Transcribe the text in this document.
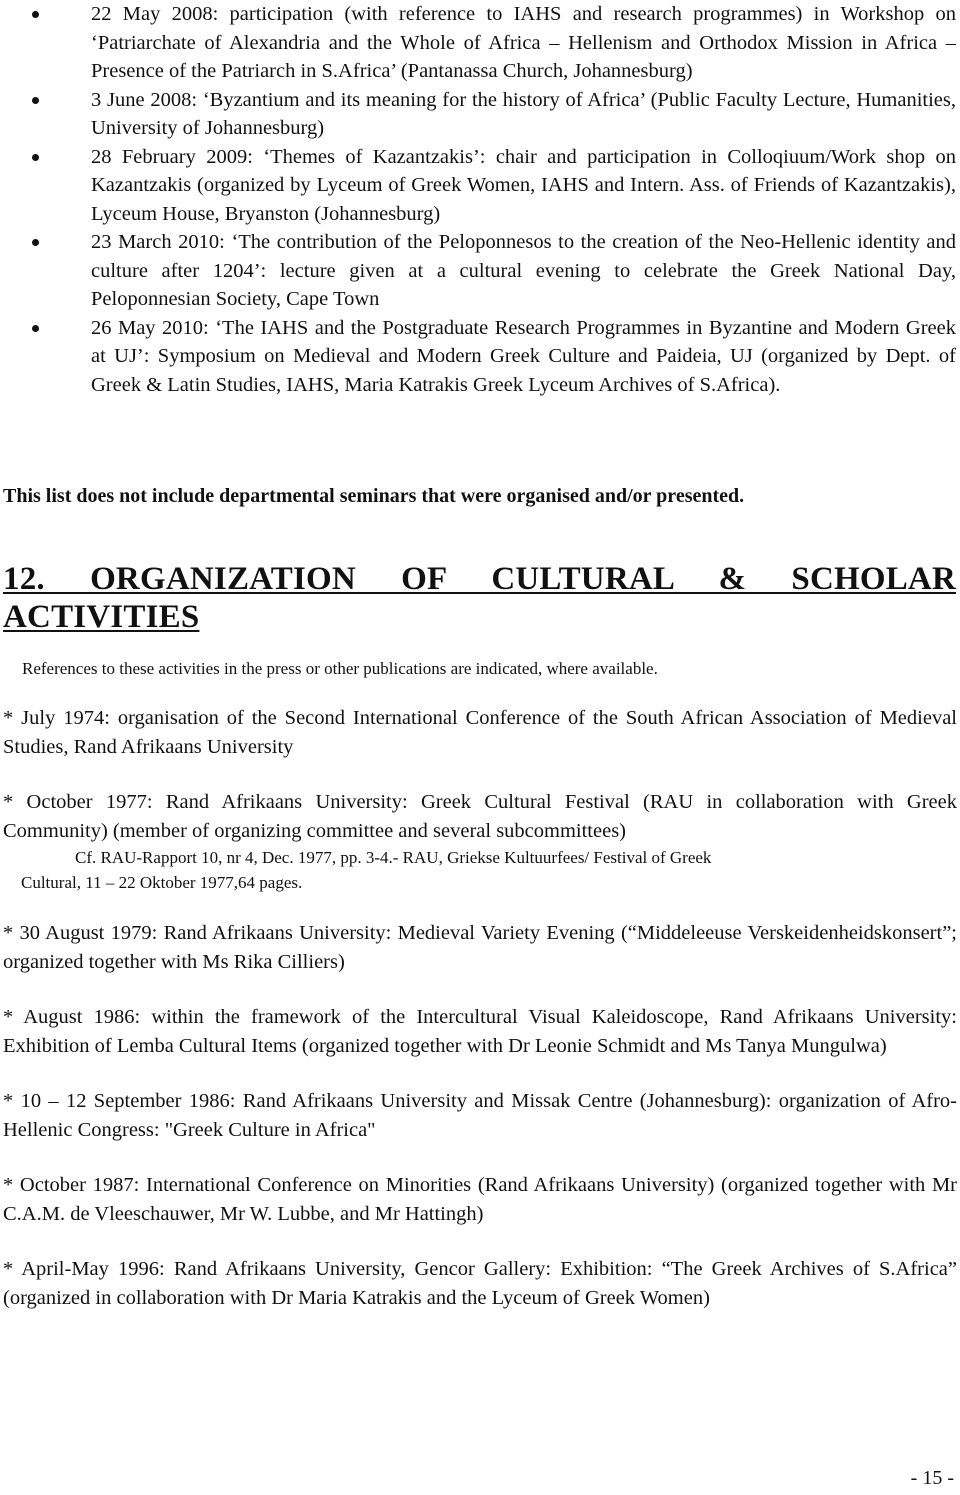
22 May 2008: participation (with reference to IAHS and research programmes) in Workshop on ‘Patriarchate of Alexandria and the Whole of Africa – Hellenism and Orthodox Mission in Africa – Presence of the Patriarch in S.Africa’ (Pantanassa Church, Johannesburg)
3 June 2008: ‘Byzantium and its meaning for the history of Africa’ (Public Faculty Lecture, Humanities, University of Johannesburg)
28 February 2009: ‘Themes of Kazantzakis’: chair and participation in Colloqiuum/Work shop on Kazantzakis (organized by Lyceum of Greek Women, IAHS and Intern. Ass. of Friends of Kazantzakis), Lyceum House, Bryanston (Johannesburg)
23 March 2010: ‘The contribution of the Peloponnesos to the creation of the Neo-Hellenic identity and culture after 1204’: lecture given at a cultural evening to celebrate the Greek National Day, Peloponnesian Society, Cape Town
26 May 2010: ‘The IAHS and the Postgraduate Research Programmes in Byzantine and Modern Greek at UJ’: Symposium on Medieval and Modern Greek Culture and Paideia, UJ (organized by Dept. of Greek & Latin Studies, IAHS, Maria Katrakis Greek Lyceum Archives of S.Africa).
This list does not include departmental seminars that were organised and/or presented.
12. ORGANIZATION OF CULTURAL & SCHOLAR ACTIVITIES
References to these activities in the press or other publications are indicated, where available.
* July 1974: organisation of the Second International Conference of the South African Association of Medieval Studies, Rand Afrikaans University
* October 1977: Rand Afrikaans University: Greek Cultural Festival (RAU in collaboration with Greek Community) (member of organizing committee and several subcommittees)
Cf. RAU-Rapport 10, nr 4, Dec. 1977, pp. 3-4.- RAU, Griekse Kultuurfees/ Festival of Greek
Cultural, 11 – 22 Oktober 1977,64 pages.
* 30 August 1979: Rand Afrikaans University: Medieval Variety Evening (“Middeleeuse Verskeidenheidskonsert”; organized together with Ms Rika Cilliers)
* August 1986: within the framework of the Intercultural Visual Kaleidoscope, Rand Afrikaans University: Exhibition of Lemba Cultural Items (organized together with Dr Leonie Schmidt and Ms Tanya Mungulwa)
* 10 – 12 September 1986: Rand Afrikaans University and Missak Centre (Johannesburg): organization of Afro-Hellenic Congress: "Greek Culture in Africa"
* October 1987: International Conference on Minorities (Rand Afrikaans University) (organized together with Mr C.A.M. de Vleeschauwer, Mr W. Lubbe, and Mr Hattingh)
* April-May 1996: Rand Afrikaans University, Gencor Gallery: Exhibition: “The Greek Archives of S.Africa” (organized in collaboration with Dr Maria Katrakis and the Lyceum of Greek Women)
- 15 -
